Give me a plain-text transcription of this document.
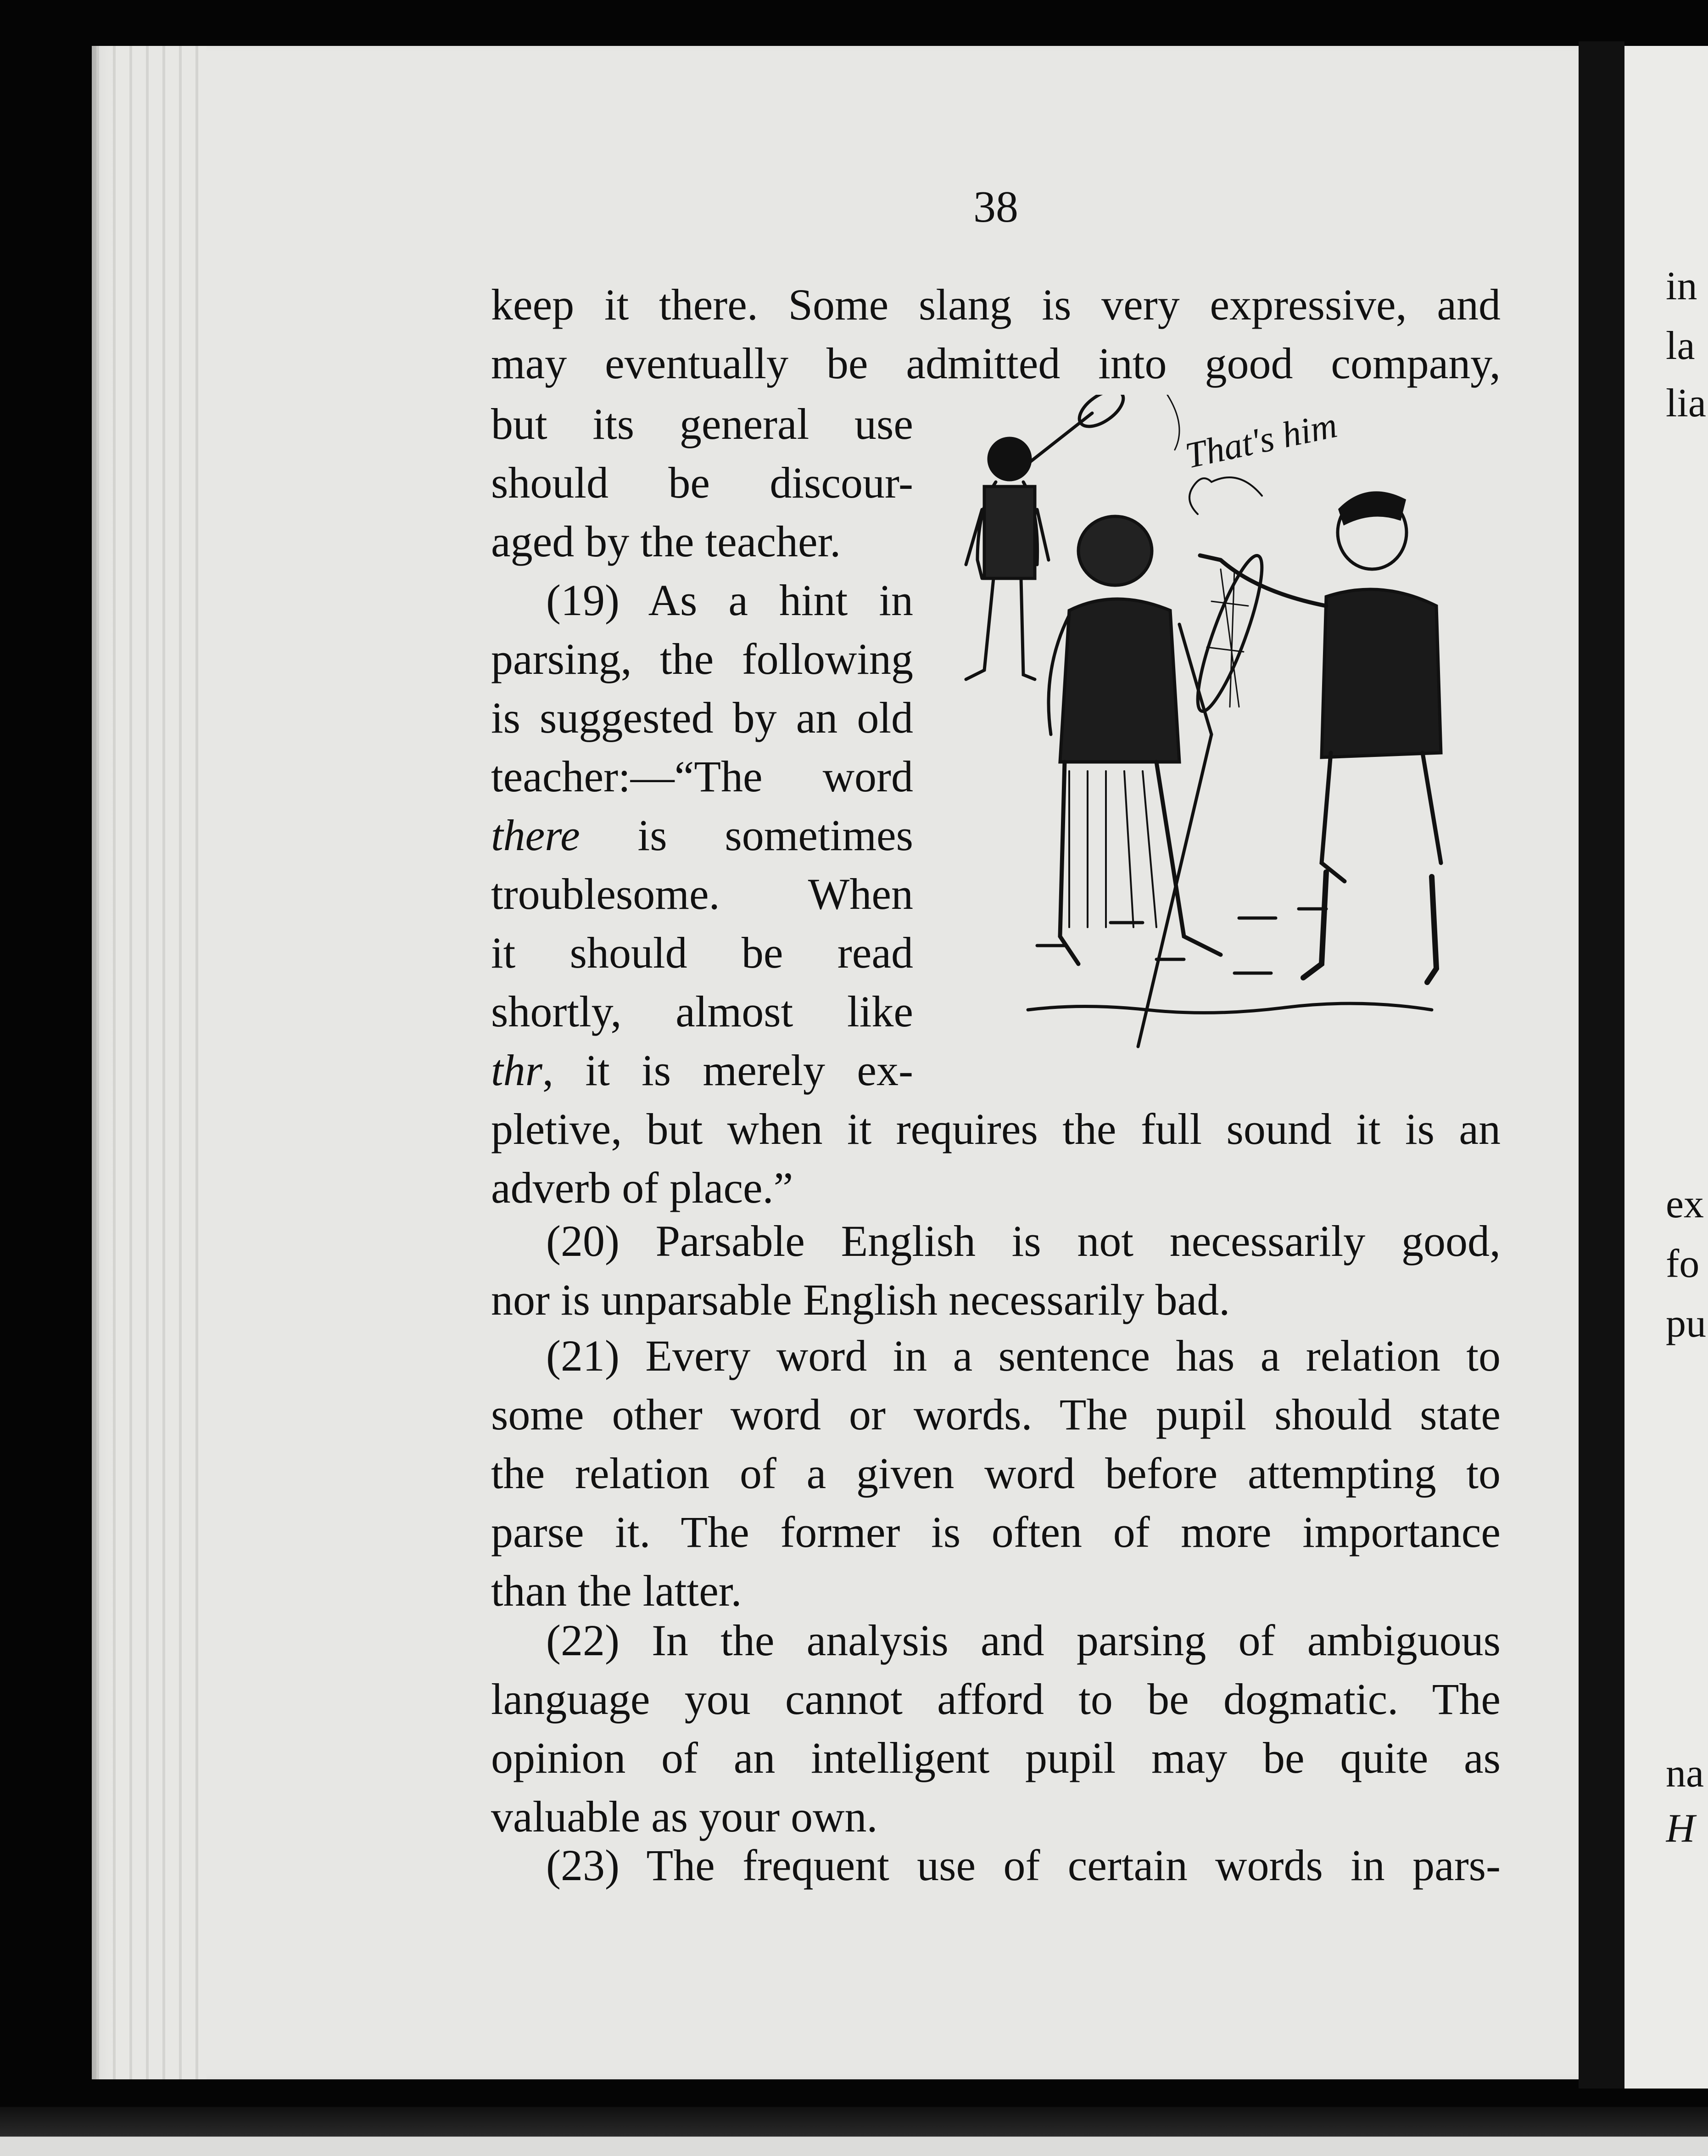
38
keep it there. Some slang is very expressive, and
may eventually be admitted into good company,
but its general use
should be discour-
aged by the teacher.
(19) As a hint in
parsing, the following
is suggested by an old
teacher:—“The word
there is sometimes
troublesome. When
it should be read
shortly, almost like
thr, it is merely ex-
pletive, but when it requires the full sound it is an
adverb of place.”
(20) Parsable English is not necessarily good,
nor is unparsable English necessarily bad.
(21) Every word in a sentence has a relation to
some other word or words. The pupil should state
the relation of a given word before attempting to
parse it. The former is often of more importance
than the latter.
(22) In the analysis and parsing of ambiguous
language you cannot afford to be dogmatic. The
opinion of an intelligent pupil may be quite as
valuable as your own.
(23) The frequent use of certain words in pars-
That's him
in
la
lia
ex
fo
pu
na
H
